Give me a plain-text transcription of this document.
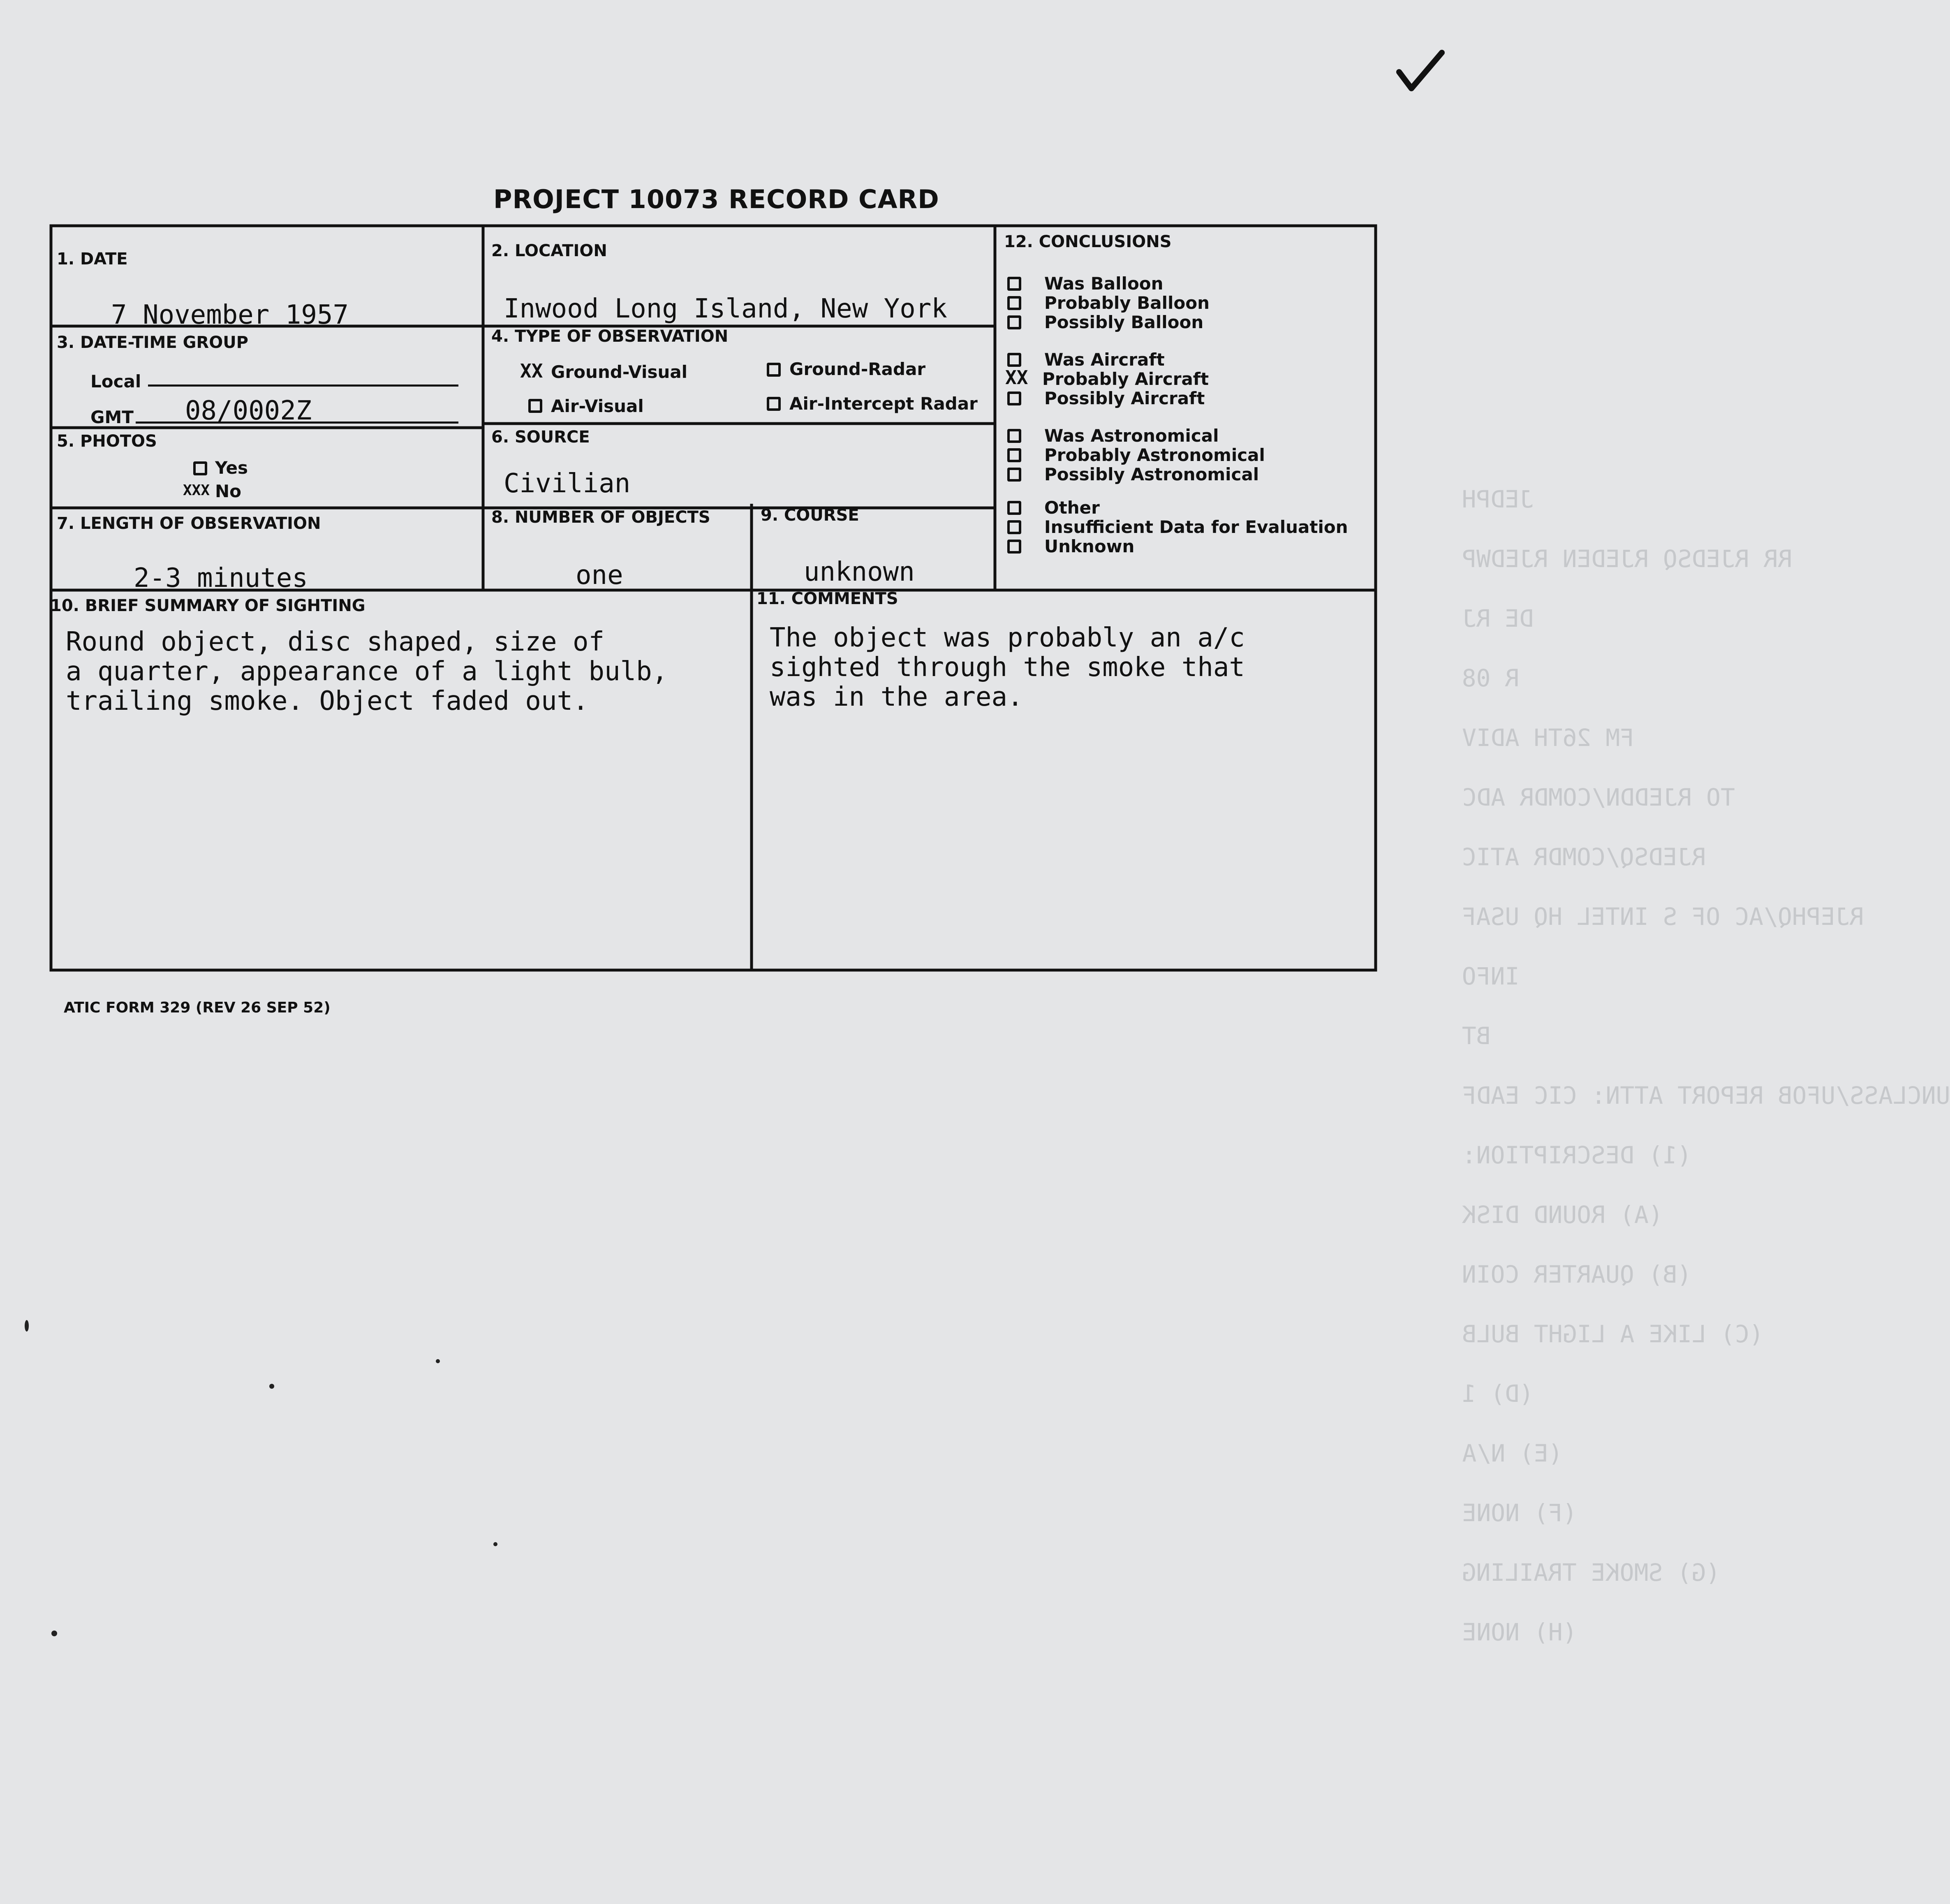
JEDPH
RR RJEDSQ RJEDEN RJEDWP
DE RJ
R 08
FM 26TH ADIV
TO RJEDDN/COMDR ADC
RJEDSQ/COMDR ATIC
RJEPHQ/AC OF S INTEL HQ USAF
INFO
BT
UNCLASS/UFOB REPORT ATTN: CIC EADF
(1) DESCRIPTION:
(A) ROUND DISK
(B) QUARTER COIN
(C) LIKE A LIGHT BULB
(D) 1
(E) N/A
(F) NONE
(G) SMOKE TRAILING
(H) NONE
PROJECT 10073 RECORD CARD
1. DATE
7 November 1957
2. LOCATION
Inwood Long Island, New York
3. DATE-TIME GROUP
Local
GMT 08/0002Z
4. TYPE OF OBSERVATION
XX Ground-Visual	Ground-Radar
Air-Visual	Air-Intercept Radar
5. PHOTOS
Yes
XXX No
6. SOURCE
Civilian
7. LENGTH OF OBSERVATION
2-3 minutes
8. NUMBER OF OBJECTS
one
9. COURSE
unknown
10. BRIEF SUMMARY OF SIGHTING
Round object, disc shaped, size of
a quarter, appearance of a light bulb,
trailing smoke. Object faded out.
11. COMMENTS
The object was probably an a/c
sighted through the smoke that
was in the area.
12. CONCLUSIONS
Was Balloon
Probably Balloon
Possibly Balloon
Was Aircraft
XX Probably Aircraft
Possibly Aircraft
Was Astronomical
Probably Astronomical
Possibly Astronomical
Other
Insufficient Data for Evaluation
Unknown
ATIC FORM 329 (REV 26 SEP 52)
